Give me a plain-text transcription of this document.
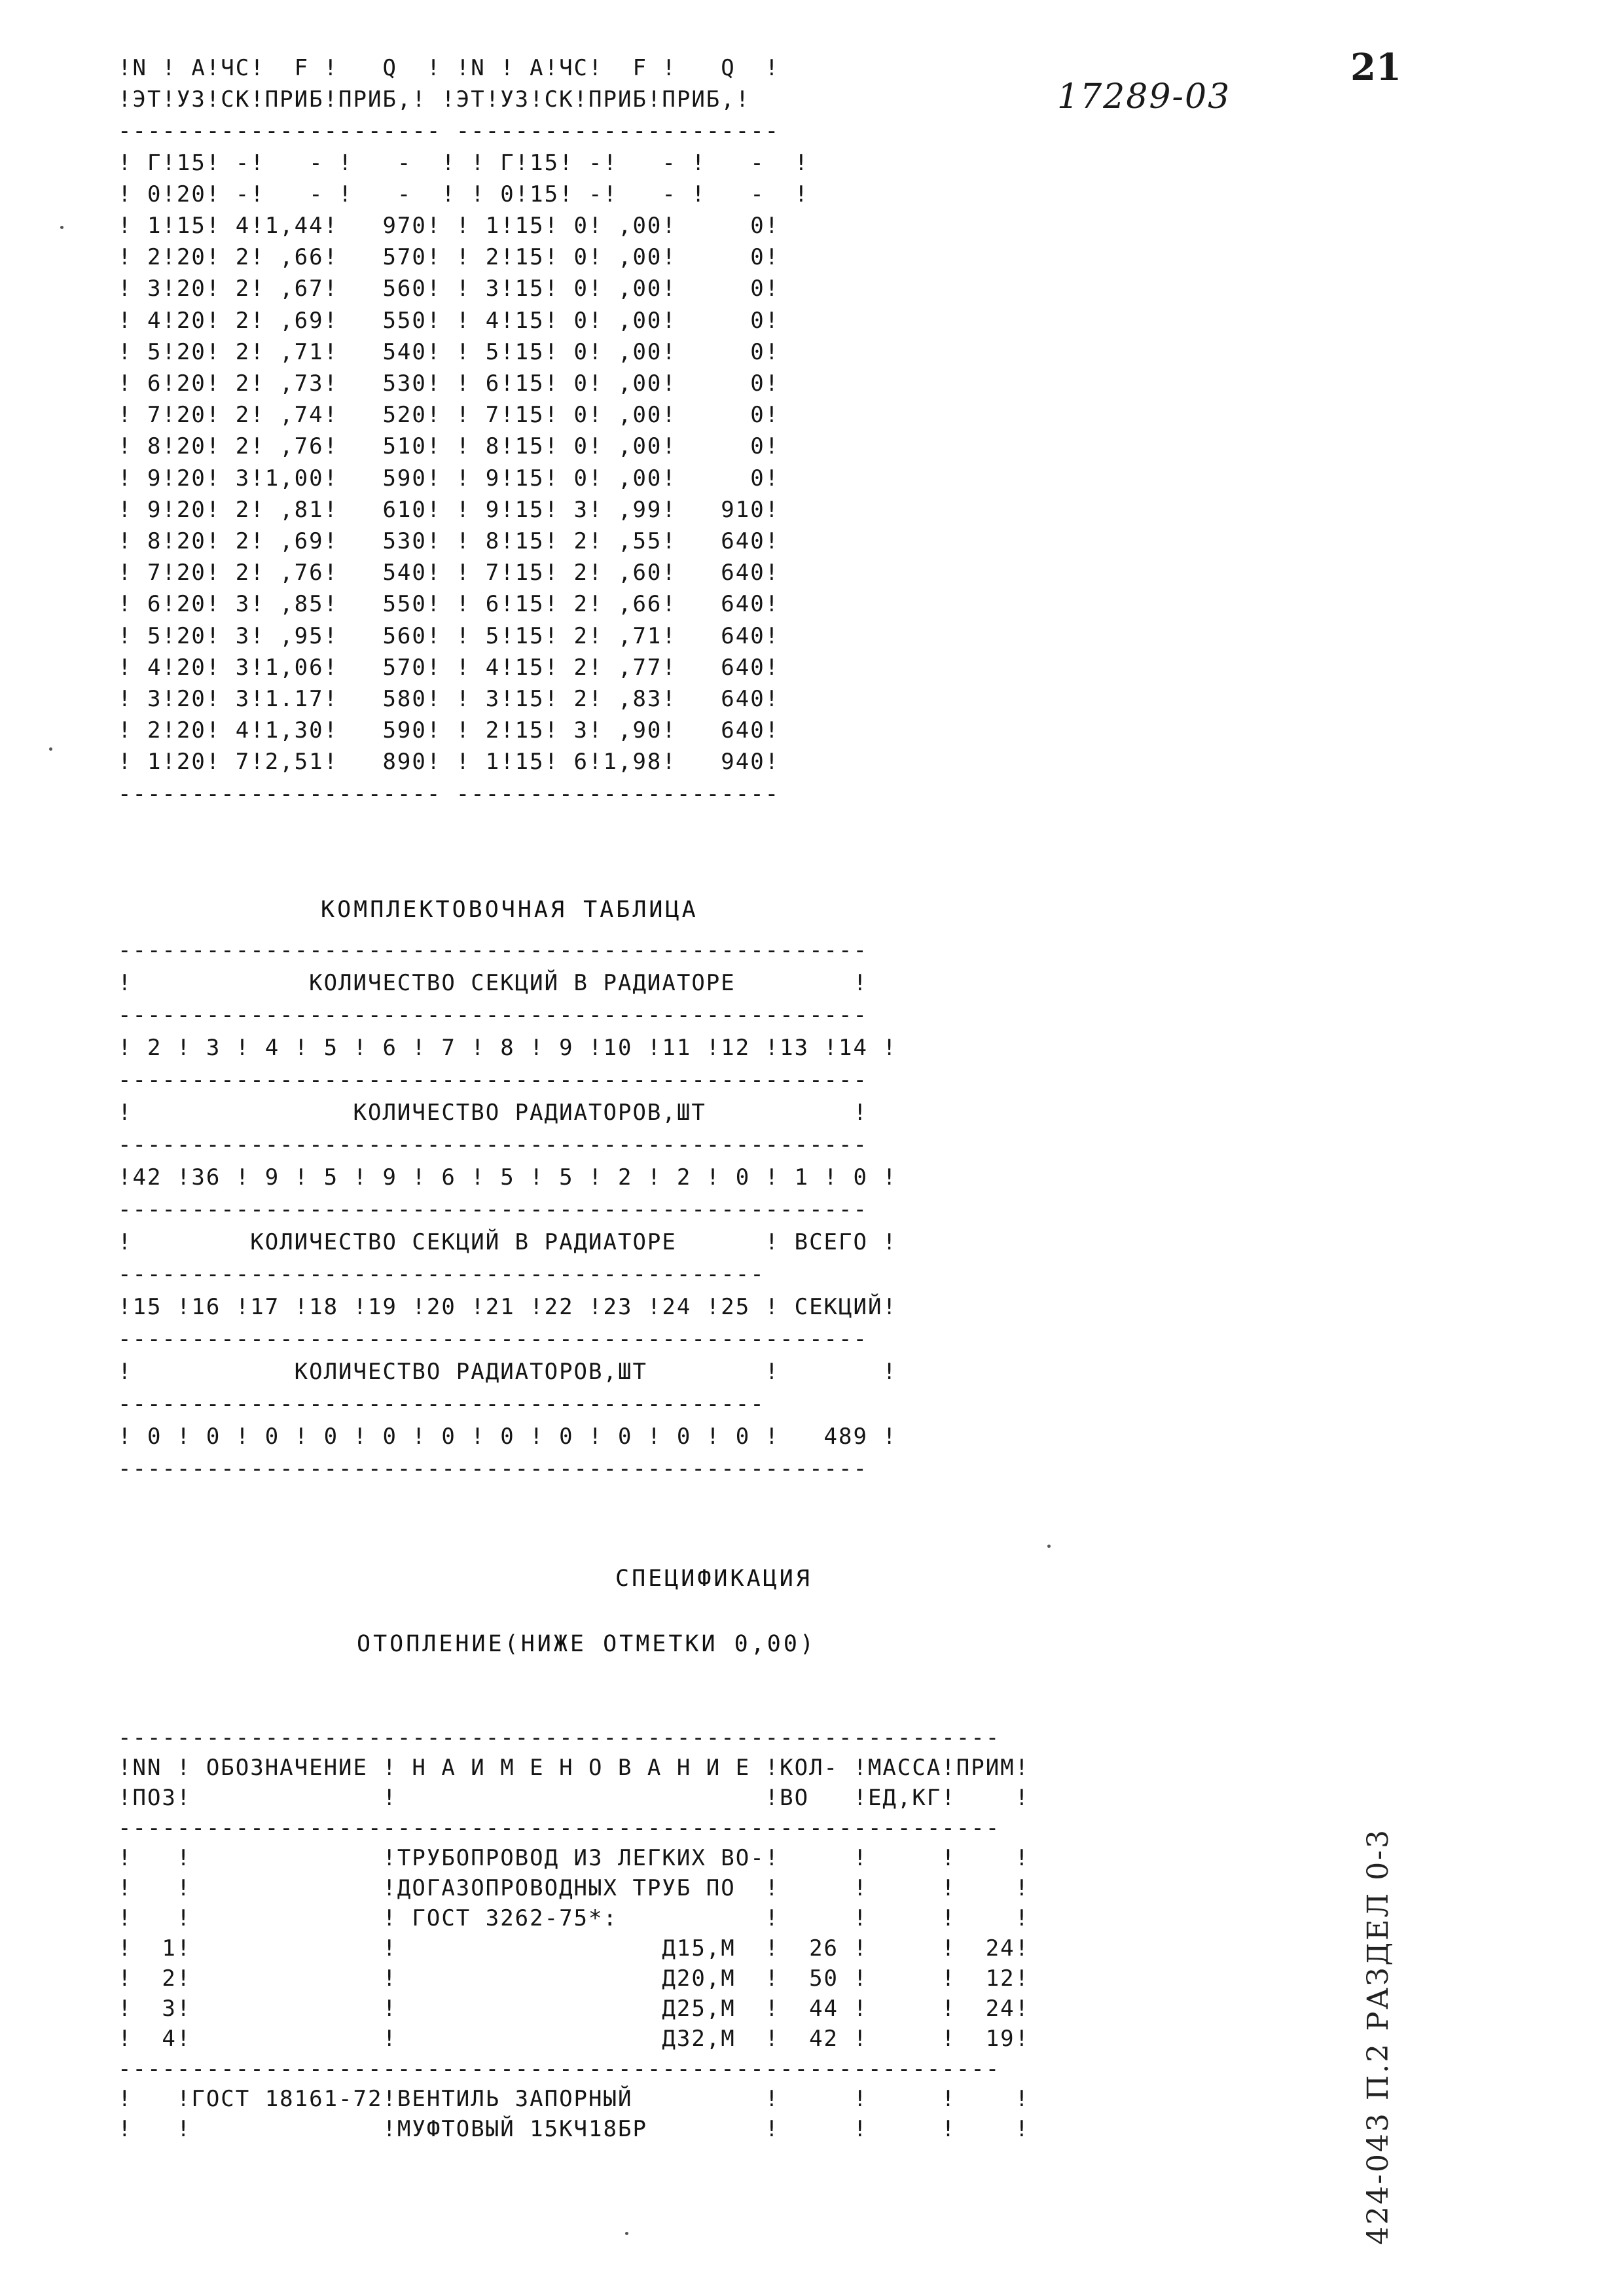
21
17289-03
!N ! А!ЧС!  F !   Q  ! !N ! А!ЧС!  F !   Q  !
!ЭТ!УЗ!СК!ПРИБ!ПРИБ,! !ЭТ!УЗ!СК!ПРИБ!ПРИБ,!
---------------------- ----------------------
! Г!15! -!   - !   -  ! ! Г!15! -!   - !   -  !
! 0!20! -!   - !   -  ! ! 0!15! -!   - !   -  !
! 1!15! 4!1,44!   970! ! 1!15! 0! ,00!     0!
! 2!20! 2! ,66!   570! ! 2!15! 0! ,00!     0!
! 3!20! 2! ,67!   560! ! 3!15! 0! ,00!     0!
! 4!20! 2! ,69!   550! ! 4!15! 0! ,00!     0!
! 5!20! 2! ,71!   540! ! 5!15! 0! ,00!     0!
! 6!20! 2! ,73!   530! ! 6!15! 0! ,00!     0!
! 7!20! 2! ,74!   520! ! 7!15! 0! ,00!     0!
! 8!20! 2! ,76!   510! ! 8!15! 0! ,00!     0!
! 9!20! 3!1,00!   590! ! 9!15! 0! ,00!     0!
! 9!20! 2! ,81!   610! ! 9!15! 3! ,99!   910!
! 8!20! 2! ,69!   530! ! 8!15! 2! ,55!   640!
! 7!20! 2! ,76!   540! ! 7!15! 2! ,60!   640!
! 6!20! 3! ,85!   550! ! 6!15! 2! ,66!   640!
! 5!20! 3! ,95!   560! ! 5!15! 2! ,71!   640!
! 4!20! 3!1,06!   570! ! 4!15! 2! ,77!   640!
! 3!20! 3!1.17!   580! ! 3!15! 2! ,83!   640!
! 2!20! 4!1,30!   590! ! 2!15! 3! ,90!   640!
! 1!20! 7!2,51!   890! ! 1!15! 6!1,98!   940!
---------------------- ----------------------
КОМПЛЕКТОВОЧНАЯ ТАБЛИЦА
---------------------------------------------------
!            КОЛИЧЕСТВО СЕКЦИЙ В РАДИАТОРЕ        !
---------------------------------------------------
! 2 ! 3 ! 4 ! 5 ! 6 ! 7 ! 8 ! 9 !10 !11 !12 !13 !14 !
---------------------------------------------------
!               КОЛИЧЕСТВО РАДИАТОРОВ,ШТ          !
---------------------------------------------------
!42 !36 ! 9 ! 5 ! 9 ! 6 ! 5 ! 5 ! 2 ! 2 ! 0 ! 1 ! 0 !
---------------------------------------------------
!        КОЛИЧЕСТВО СЕКЦИЙ В РАДИАТОРЕ      ! ВСЕГО !
--------------------------------------------
!15 !16 !17 !18 !19 !20 !21 !22 !23 !24 !25 ! СЕКЦИЙ!
---------------------------------------------------
!           КОЛИЧЕСТВО РАДИАТОРОВ,ШТ        !       !
--------------------------------------------
! 0 ! 0 ! 0 ! 0 ! 0 ! 0 ! 0 ! 0 ! 0 ! 0 ! 0 !   489 !
---------------------------------------------------
СПЕЦИФИКАЦИЯ
ОТОПЛЕНИЕ(НИЖЕ ОТМЕТКИ 0,00)
------------------------------------------------------------
!NN ! ОБОЗНАЧЕНИЕ ! Н А И М Е Н О В А Н И Е !КОЛ- !МАССА!ПРИМ!
!ПОЗ!             !                         !ВО   !ЕД,КГ!    !
------------------------------------------------------------
!   !             !ТРУБОПРОВОД ИЗ ЛЕГКИХ ВО-!     !     !    !
!   !             !ДОГАЗОПРОВОДНЫХ ТРУБ ПО  !     !     !    !
!   !             ! ГОСТ 3262-75*:          !     !     !    !
!  1!             !                  Д15,М  !  26 !     !  24!
!  2!             !                  Д20,М  !  50 !     !  12!
!  3!             !                  Д25,М  !  44 !     !  24!
!  4!             !                  Д32,М  !  42 !     !  19!
------------------------------------------------------------
!   !ГОСТ 18161-72!ВЕНТИЛЬ ЗАПОРНЫЙ         !     !     !    !
!   !             !МУФТОВЫЙ 15КЧ18БР        !     !     !    !	424-043 П.2 РАЗДЕЛ 0-3
